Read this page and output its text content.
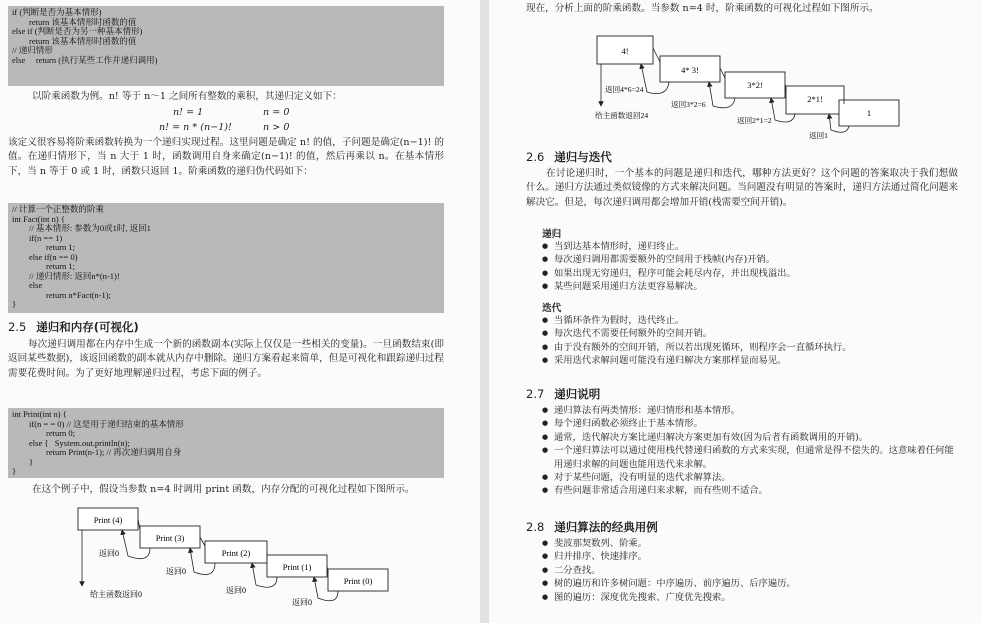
if (判断是否为基本情形)
return 该基本情形时函数的值
else if (判断是否为另一种基本情形)
return 该基本情形时函数的值
// 递归情形
else     return (执行某些工作并递归调用)

以阶乘函数为例。n! 等于 n～1 之间所有整数的乘积，其递归定义如下：

n! = 1	n = 0

n! = n * (n−1)!	n > 0

该定义很容易将阶乘函数转换为一个递归实现过程。这里问题是确定 n! 的值，子问题是确定(n−1)! 的值。在递归情形下，当 n 大于 1 时，函数调用自身来确定(n−1)! 的值，然后再乘以 n。在基本情形下，当 n 等于 0 或 1 时，函数只返回 1。阶乘函数的递归伪代码如下：

// 计算一个正整数的阶乘
int Fact(int n) {
// 基本情形: 参数为0或1时, 返回1
if(n == 1)
return 1;
else if(n == 0)
return 1;
// 递归情形: 返回n*(n-1)!
else
return n*Fact(n-1);
}
2.5 递归和内存(可视化)

每次递归调用都在内存中生成一个新的函数副本(实际上仅仅是一些相关的变量)。一旦函数结束(即返回某些数据)，该返回函数的副本就从内存中删除。递归方案看起来简单，但是可视化和跟踪递归过程需要花费时间。为了更好地理解递归过程，考虑下面的例子。

int Print(int n) {
if(n = = 0) // 这是用于递归结束的基本情形
return 0;
else {   System.out.println(n);
return Print(n-1); // 再次递归调用自身
}
}

在这个例子中，假设当参数 n=4 时调用 print 函数，内存分配的可视化过程如下图所示。

Print (4)
Print (3)
Print (2)
Print (1)
Print (0)
返回0
返回0
返回0
返回0
给主函数返回0

现在，分析上面的阶乘函数。当参数 n=4 时，阶乘函数的可视化过程如下图所示。

4!
4* 3!
3*2!
2*1!
1
返回4*6=24
返回3*2=6
返回2*1=2
返回1
给主函数返回24
2.6 递归与迭代

在讨论递归时，一个基本的问题是递归和迭代，哪种方法更好？这个问题的答案取决于我们想做什么。递归方法通过类似镜像的方式来解决问题。当问题没有明显的答案时，递归方法通过简化问题来解决它。但是，每次递归调用都会增加开销(栈需要空间开销)。

递归
● 当到达基本情形时，递归终止。
● 每次递归调用都需要额外的空间用于栈帧(内存)开销。
● 如果出现无穷递归，程序可能会耗尽内存，并出现栈溢出。
● 某些问题采用递归方法更容易解决。
迭代
● 当循环条件为假时，迭代终止。
● 每次迭代不需要任何额外的空间开销。
● 由于没有额外的空间开销，所以若出现死循环，则程序会一直循环执行。
● 采用迭代求解问题可能没有递归解决方案那样显而易见。
2.7 递归说明
● 递归算法有两类情形：递归情形和基本情形。
● 每个递归函数必须终止于基本情形。
● 通常，迭代解决方案比递归解决方案更加有效(因为后者有函数调用的开销)。
● 一个递归算法可以通过使用栈代替递归函数的方式来实现，但通常是得不偿失的。这意味着任何能用递归求解的问题也能用迭代来求解。
● 对于某些问题，没有明显的迭代求解算法。
● 有些问题非常适合用递归来求解，而有些则不适合。
2.8 递归算法的经典用例
● 斐波那契数列、阶乘。
● 归并排序、快速排序。
● 二分查找。
● 树的遍历和许多树问题：中序遍历、前序遍历、后序遍历。
● 图的遍历：深度优先搜索、广度优先搜索。
